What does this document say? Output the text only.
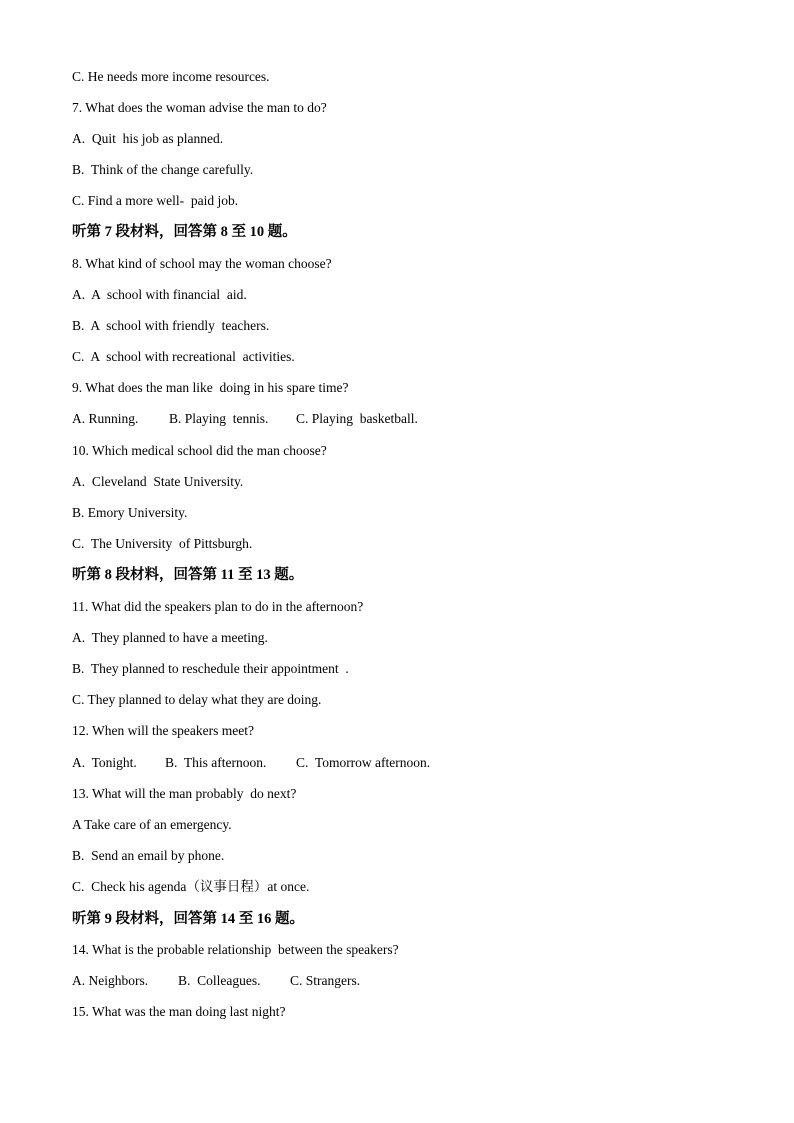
C. He needs more income resources.
7. What does the woman advise the man to do?
A.  Quit  his job as planned.
B.  Think of the change carefully.
C. Find a more well-  paid job.
听第 7 段材料，回答第 8 至 10 题。
8. What kind of school may the woman choose?
A.  A  school with financial  aid.
B.  A  school with friendly  teachers.
C.  A  school with recreational  activities.
9. What does the man like  doing in his spare time?
A. Running. B. Playing  tennis. C. Playing  basketball.
10. Which medical school did the man choose?
A.  Cleveland  State University.
B. Emory University.
C.  The University  of Pittsburgh.
听第 8 段材料，回答第 11 至 13 题。
11. What did the speakers plan to do in the afternoon?
A.  They planned to have a meeting.
B.  They planned to reschedule their appointment  .
C. They planned to delay what they are doing.
12. When will the speakers meet?
A.  Tonight. B.  This afternoon. C.  Tomorrow afternoon.
13. What will the man probably  do next?
A Take care of an emergency.
B.  Send an email by phone.
C.  Check his agenda（议事日程）at once.
听第 9 段材料，回答第 14 至 16 题。
14. What is the probable relationship  between the speakers?
A. Neighbors. B.  Colleagues. C. Strangers.
15. What was the man doing last night?
